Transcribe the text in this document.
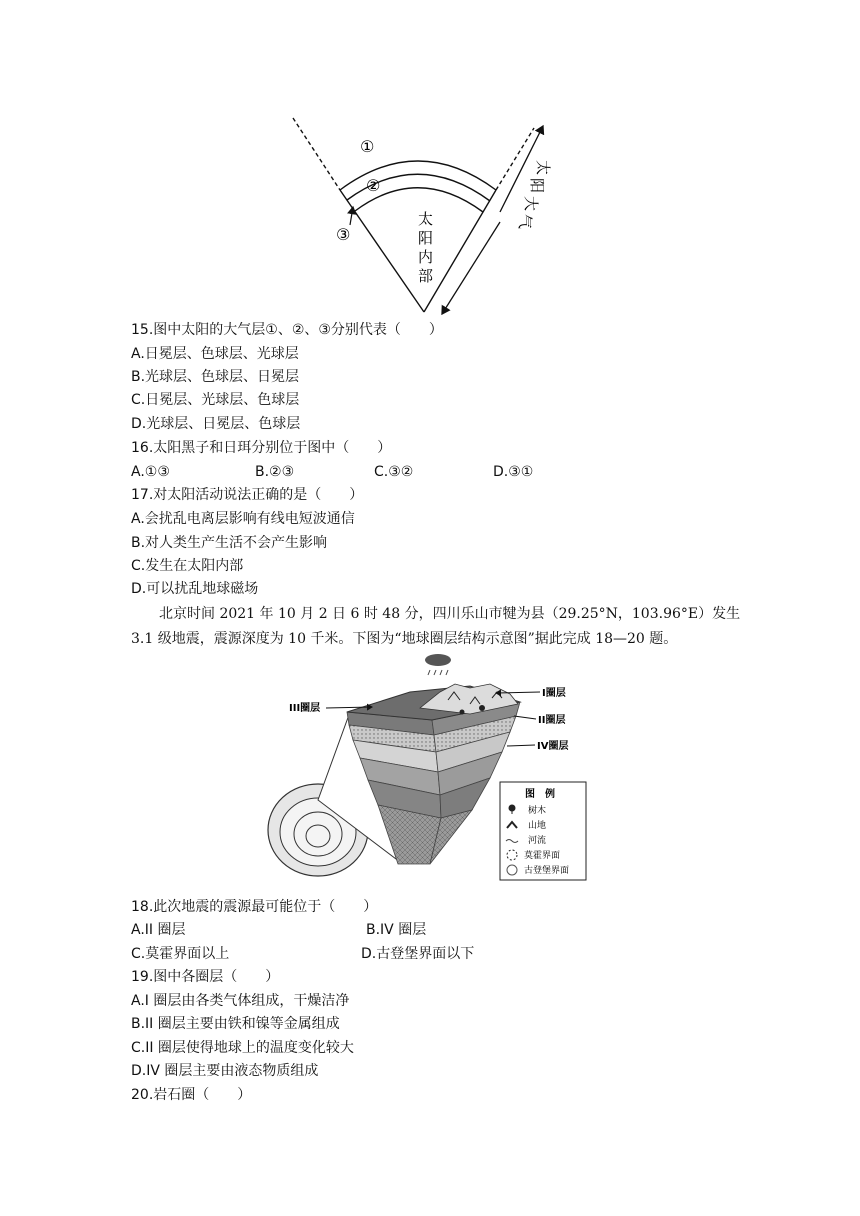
①
②
③
太
阳
内
部
太
阳
大
气
15.图中太阳的大气层①、②、③分别代表（　　）
A.日冕层、色球层、光球层
B.光球层、色球层、日冕层
C.日冕层、光球层、色球层
D.光球层、日冕层、色球层
16.太阳黑子和日珥分别位于图中（　　）
A.①③	B.②③	C.③②	D.③①
17.对太阳活动说法正确的是（　　）
A.会扰乱电离层影响有线电短波通信
B.对人类生产生活不会产生影响
C.发生在太阳内部
D.可以扰乱地球磁场
北京时间 2021 年 10 月 2 日 6 时 48 分，四川乐山市犍为县（29.25°N，103.96°E）发生
3.1 级地震，震源深度为 10 千米。下图为“地球圈层结构示意图”据此完成 18—20 题。
I圈层
II圈层
III圈层
IV圈层
图　例
树木
山地
河流
莫霍界面
古登堡界面
18.此次地震的震源最可能位于（　　）
A.II 圈层	B.IV 圈层
C.莫霍界面以上	D.古登堡界面以下
19.图中各圈层（　　）
A.I 圈层由各类气体组成，干燥洁净
B.II 圈层主要由铁和镍等金属组成
C.II 圈层使得地球上的温度变化较大
D.IV 圈层主要由液态物质组成
20.岩石圈（　　）
